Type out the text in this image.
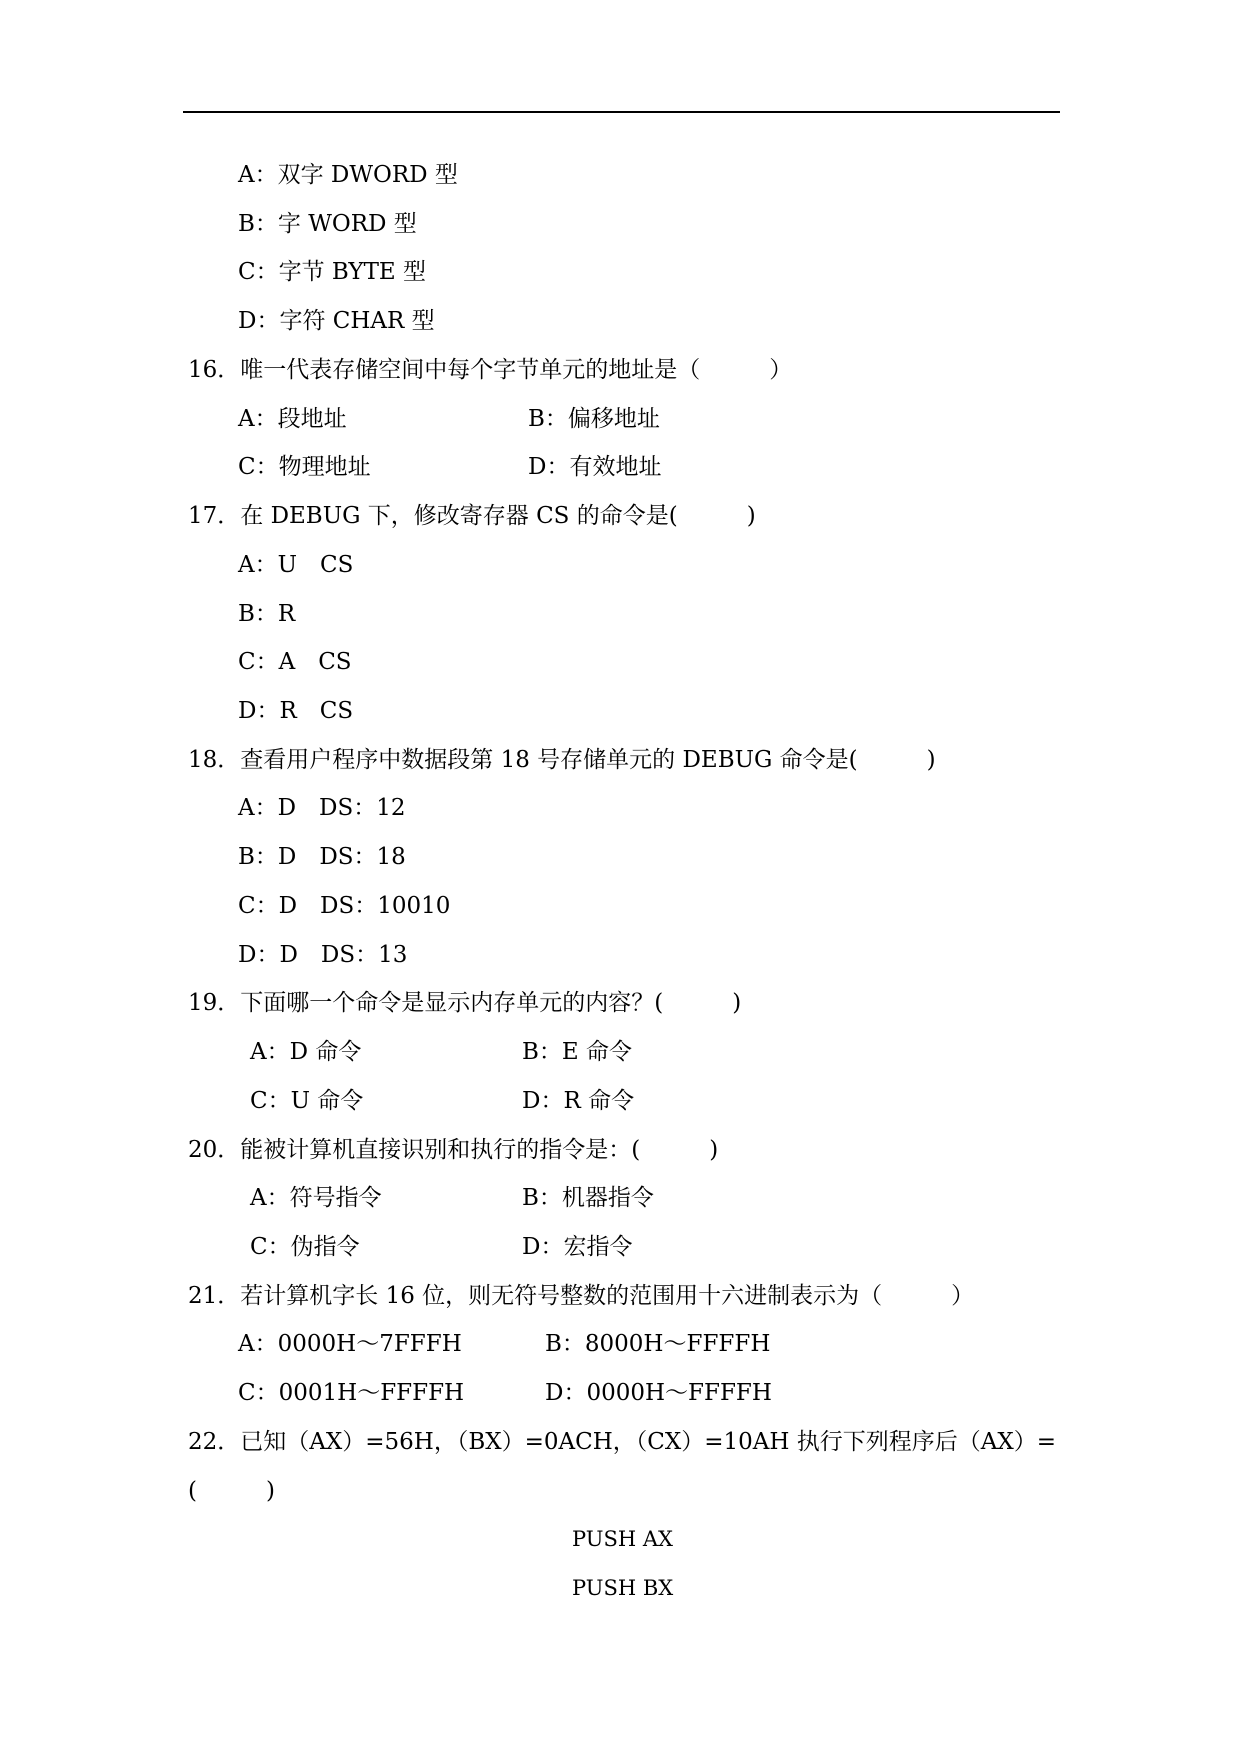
A：双字 DWORD 型
B：字 WORD 型
C：字节 BYTE 型
D：字符 CHAR 型
16．唯一代表存储空间中每个字节单元的地址是（　　　）
A：段地址	B：偏移地址
C：物理地址	D：有效地址
17．在 DEBUG 下，修改寄存器 CS 的命令是(　　　)
A：U　CS
B：R
C：A　CS
D：R　CS
18．查看用户程序中数据段第 18 号存储单元的 DEBUG 命令是(　　　)
A：D　DS：12
B：D　DS：18
C：D　DS：10010
D：D　DS：13
19．下面哪一个命令是显示内存单元的内容？(　　　)
A：D 命令	B：E 命令
C：U 命令	D：R 命令
20．能被计算机直接识别和执行的指令是：(　　　)
A：符号指令	B：机器指令
C：伪指令	D：宏指令
21．若计算机字长 16 位，则无符号整数的范围用十六进制表示为（　　　）
A：0000H～7FFFH	B：8000H～FFFFH
C：0001H～FFFFH	D：0000H～FFFFH
22．已知（AX）=56H，（BX）=0ACH，（CX）=10AH 执行下列程序后（AX）=
(　　　)
PUSH AX
PUSH BX
